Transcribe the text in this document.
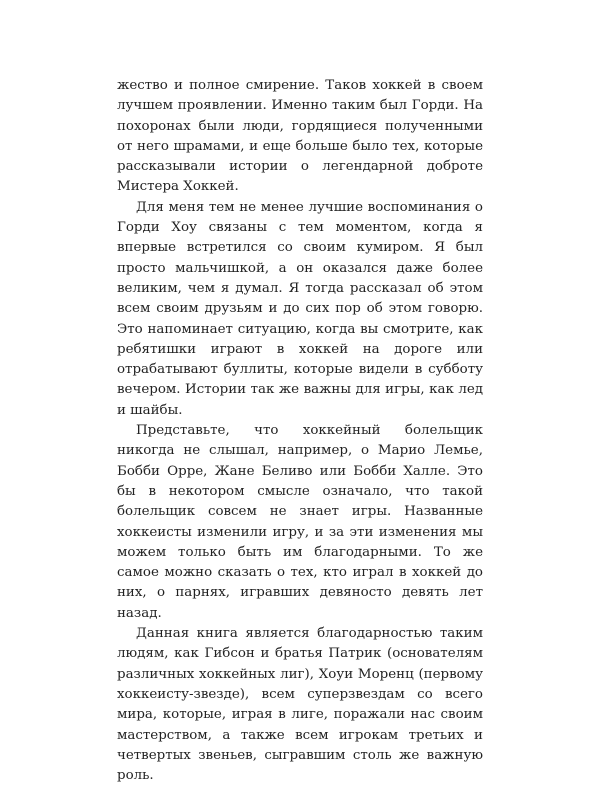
жество и полное смирение. Таков хоккей в своем лучшем проявлении. Именно таким был Горди. На похоронах были люди, гордящиеся полученными от него шрамами, и еще больше было тех, которые рассказывали истории о легендарной доброте Мистера Хоккей.

Для меня тем не менее лучшие воспоминания о Горди Хоу связаны с тем моментом, когда я впервые встретился со своим кумиром. Я был просто мальчишкой, а он оказался даже более великим, чем я думал. Я тогда рассказал об этом всем своим друзьям и до сих пор об этом говорю. Это напоминает ситуацию, когда вы смотрите, как ребятишки играют в хоккей на дороге или отрабатывают буллиты, которые видели в субботу вечером. Истории так же важны для игры, как лед и шайбы.

Представьте, что хоккейный болельщик никогда не слышал, например, о Марио Лемье, Бобби Орре, Жане Беливо или Бобби Халле. Это бы в некотором смысле означало, что такой болельщик совсем не знает игры. Названные хоккеисты изменили игру, и за эти изменения мы можем только быть им благодарными. То же самое можно сказать о тех, кто играл в хоккей до них, о парнях, игравших девяносто девять лет назад.

Данная книга является благодарностью таким людям, как Гибсон и братья Патрик (основателям различных хоккейных лиг), Хоуи Моренц (первому хоккеисту-звезде), всем суперзвездам со всего мира, которые, играя в лиге, поражали нас своим мастерством, а также всем игрокам третьих и четвертых звеньев, сыгравшим столь же важную роль.
